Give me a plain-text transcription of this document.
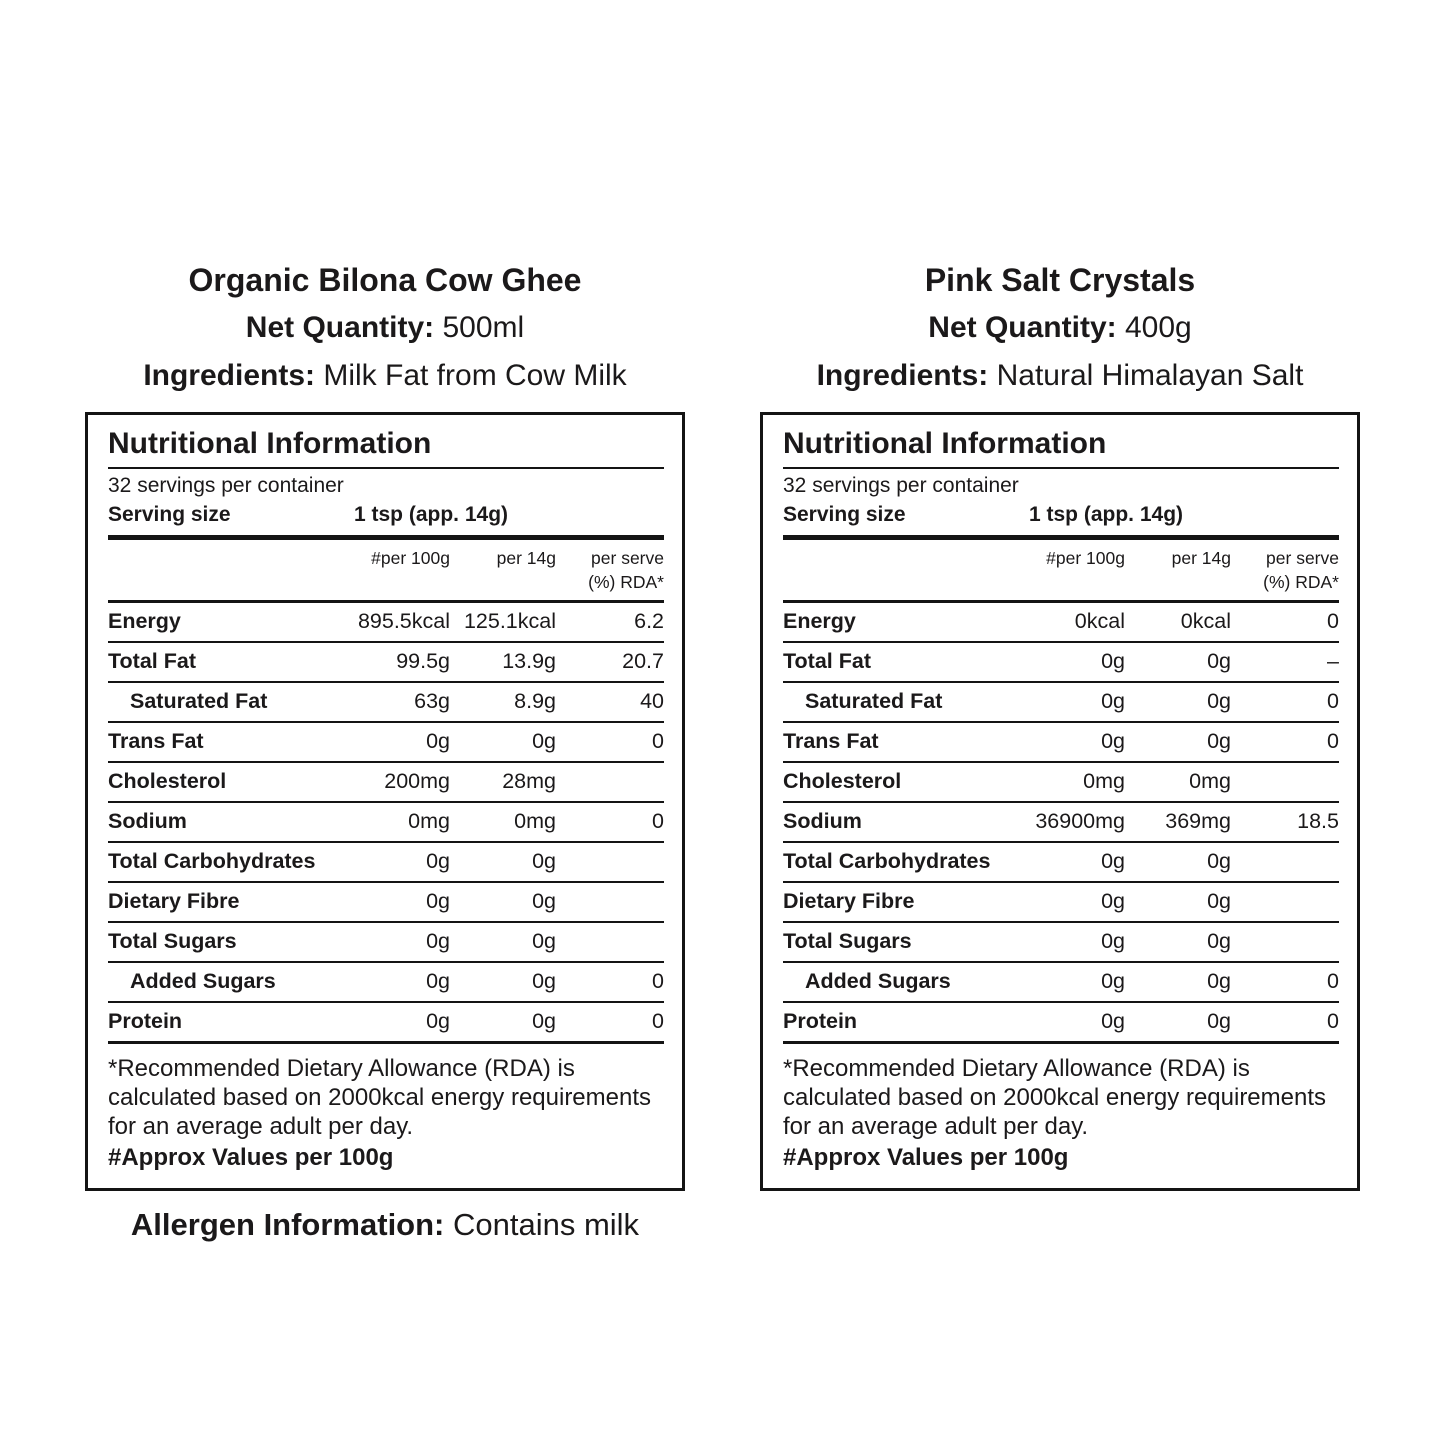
Organic Bilona Cow Ghee
Net Quantity: 500ml
Ingredients: Milk Fat from Cow Milk
Nutritional Information
32 servings per container
Serving size	1 tsp (app. 14g)
#per 100g	per 14g	per serve
(%) RDA*
Energy	895.5kcal 125.1kcal	6.2
Total Fat	99.5g	13.9g	20.7
Saturated Fat	63g	8.9g	40
Trans Fat	0g	0g	0
Cholesterol	200mg	28mg
Sodium	0mg	0mg	0
Total Carbohydrates	0g	0g
Dietary Fibre	0g	0g
Total Sugars	0g	0g
Added Sugars	0g	0g	0
Protein	0g	0g	0
*Recommended Dietary Allowance (RDA) is calculated based on 2000kcal energy requirements for an average adult per day.
#Approx Values per 100g
Allergen Information: Contains milk
Pink Salt Crystals
Net Quantity: 400g
Ingredients: Natural Himalayan Salt
Nutritional Information
32 servings per container
Serving size	1 tsp (app. 14g)
#per 100g	per 14g	per serve
(%) RDA*
Energy	0kcal	0kcal	0
Total Fat	0g	0g	–
Saturated Fat	0g	0g	0
Trans Fat	0g	0g	0
Cholesterol	0mg	0mg
Sodium	36900mg	369mg	18.5
Total Carbohydrates	0g	0g
Dietary Fibre	0g	0g
Total Sugars	0g	0g
Added Sugars	0g	0g	0
Protein	0g	0g	0
*Recommended Dietary Allowance (RDA) is calculated based on 2000kcal energy requirements for an average adult per day.
#Approx Values per 100g
